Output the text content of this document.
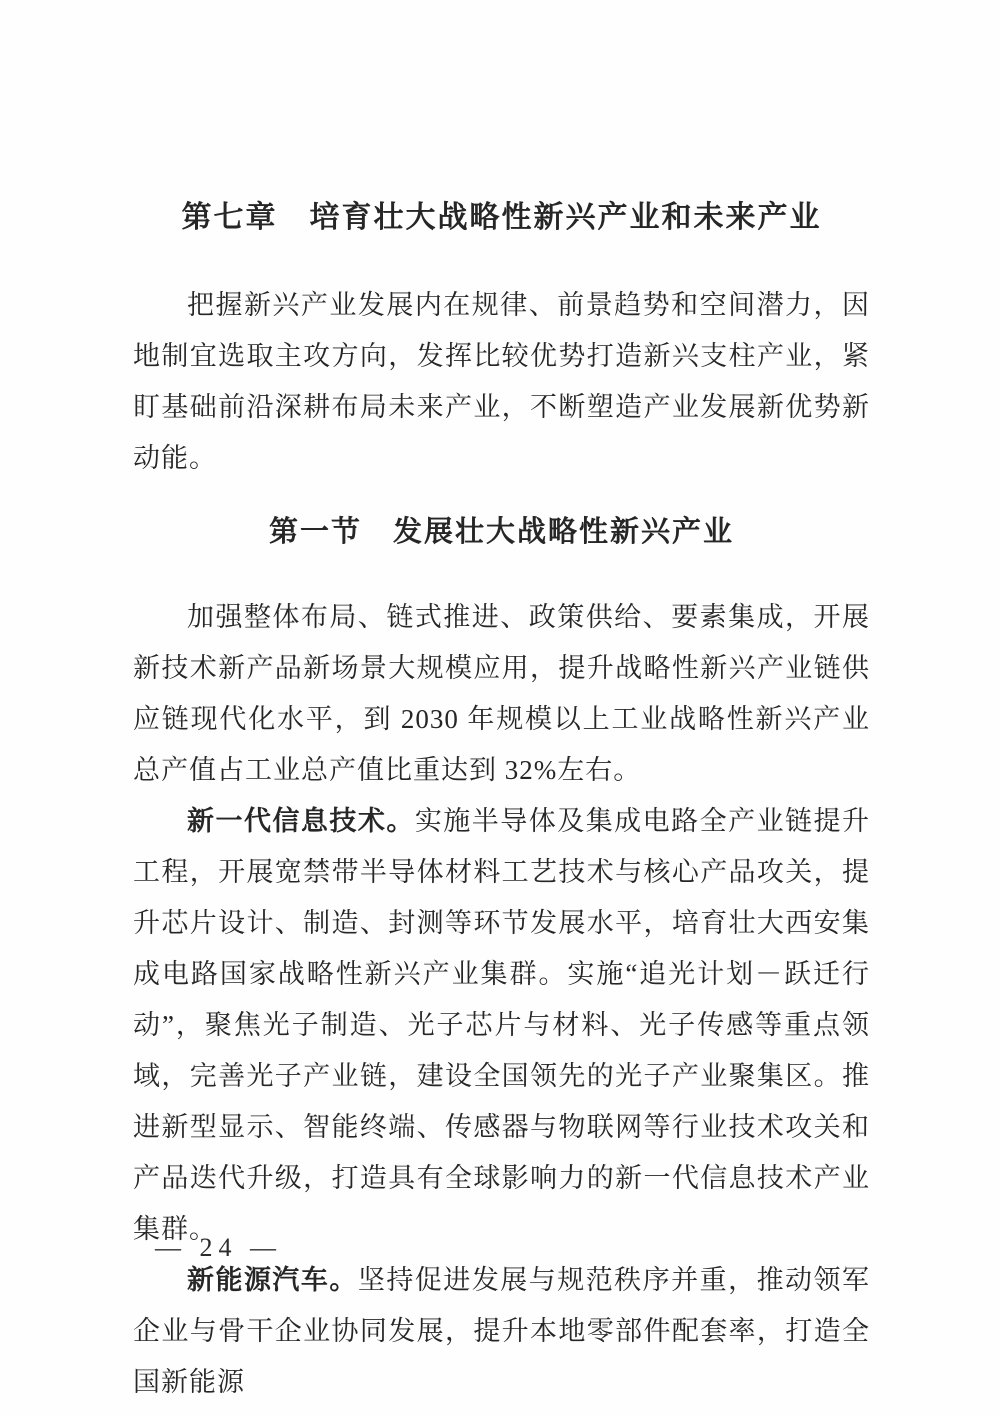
第七章　培育壮大战略性新兴产业和未来产业

把握新兴产业发展内在规律、前景趋势和空间潜力，因地制宜选取主攻方向，发挥比较优势打造新兴支柱产业，紧盯基础前沿深耕布局未来产业，不断塑造产业发展新优势新动能。

第一节　发展壮大战略性新兴产业

加强整体布局、链式推进、政策供给、要素集成，开展新技术新产品新场景大规模应用，提升战略性新兴产业链供应链现代化水平，到 2030 年规模以上工业战略性新兴产业总产值占工业总产值比重达到 32%左右。

新一代信息技术。实施半导体及集成电路全产业链提升工程，开展宽禁带半导体材料工艺技术与核心产品攻关，提升芯片设计、制造、封测等环节发展水平，培育壮大西安集成电路国家战略性新兴产业集群。实施“追光计划－跃迁行动”，聚焦光子制造、光子芯片与材料、光子传感等重点领域，完善光子产业链，建设全国领先的光子产业聚集区。推进新型显示、智能终端、传感器与物联网等行业技术攻关和产品迭代升级，打造具有全球影响力的新一代信息技术产业集群。

新能源汽车。坚持促进发展与规范秩序并重，推动领军企业与骨干企业协同发展，提升本地零部件配套率，打造全国新能源

— 24 —
